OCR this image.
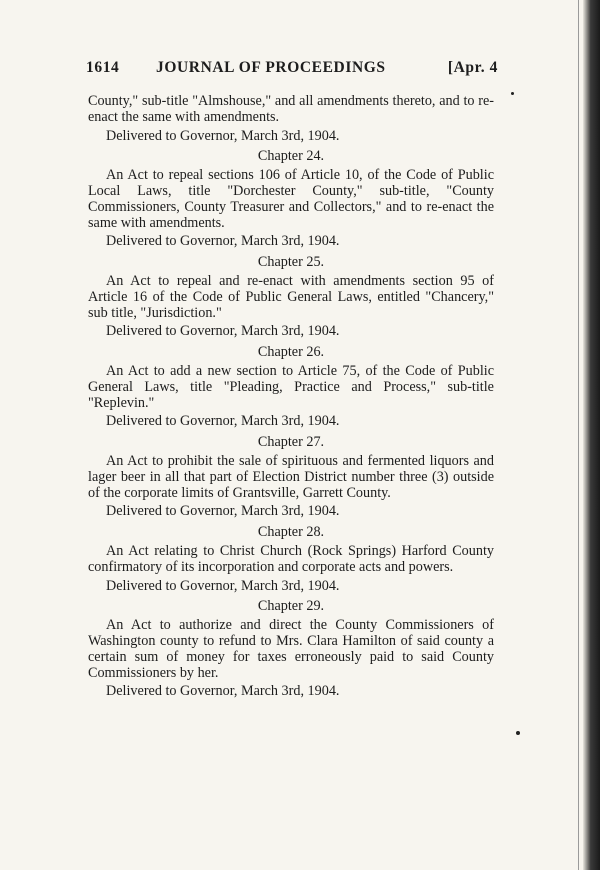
1614 JOURNAL OF PROCEEDINGS	[Apr. 4

County," sub-title "Almshouse," and all amendments thereto, and to re-enact the same with amendments.

Delivered to Governor, March 3rd, 1904.

Chapter 24.

An Act to repeal sections 106 of Article 10, of the Code of Public Local Laws, title "Dorchester County," sub-title, "County Commissioners, County Treasurer and Collectors," and to re-enact the same with amendments.

Delivered to Governor, March 3rd, 1904.

Chapter 25.

An Act to repeal and re-enact with amendments section 95 of Article 16 of the Code of Public General Laws, entitled "Chancery," sub title, "Jurisdiction."

Delivered to Governor, March 3rd, 1904.

Chapter 26.

An Act to add a new section to Article 75, of the Code of Public General Laws, title "Pleading, Practice and Process," sub-title "Replevin."

Delivered to Governor, March 3rd, 1904.

Chapter 27.

An Act to prohibit the sale of spirituous and fermented liquors and lager beer in all that part of Election District number three (3) outside of the corporate limits of Grantsville, Garrett County.

Delivered to Governor, March 3rd, 1904.

Chapter 28.

An Act relating to Christ Church (Rock Springs) Harford County confirmatory of its incorporation and corporate acts and powers.

Delivered to Governor, March 3rd, 1904.

Chapter 29.

An Act to authorize and direct the County Commissioners of Washington county to refund to Mrs. Clara Hamilton of said county a certain sum of money for taxes erroneously paid to said County Commissioners by her.

Delivered to Governor, March 3rd, 1904.
